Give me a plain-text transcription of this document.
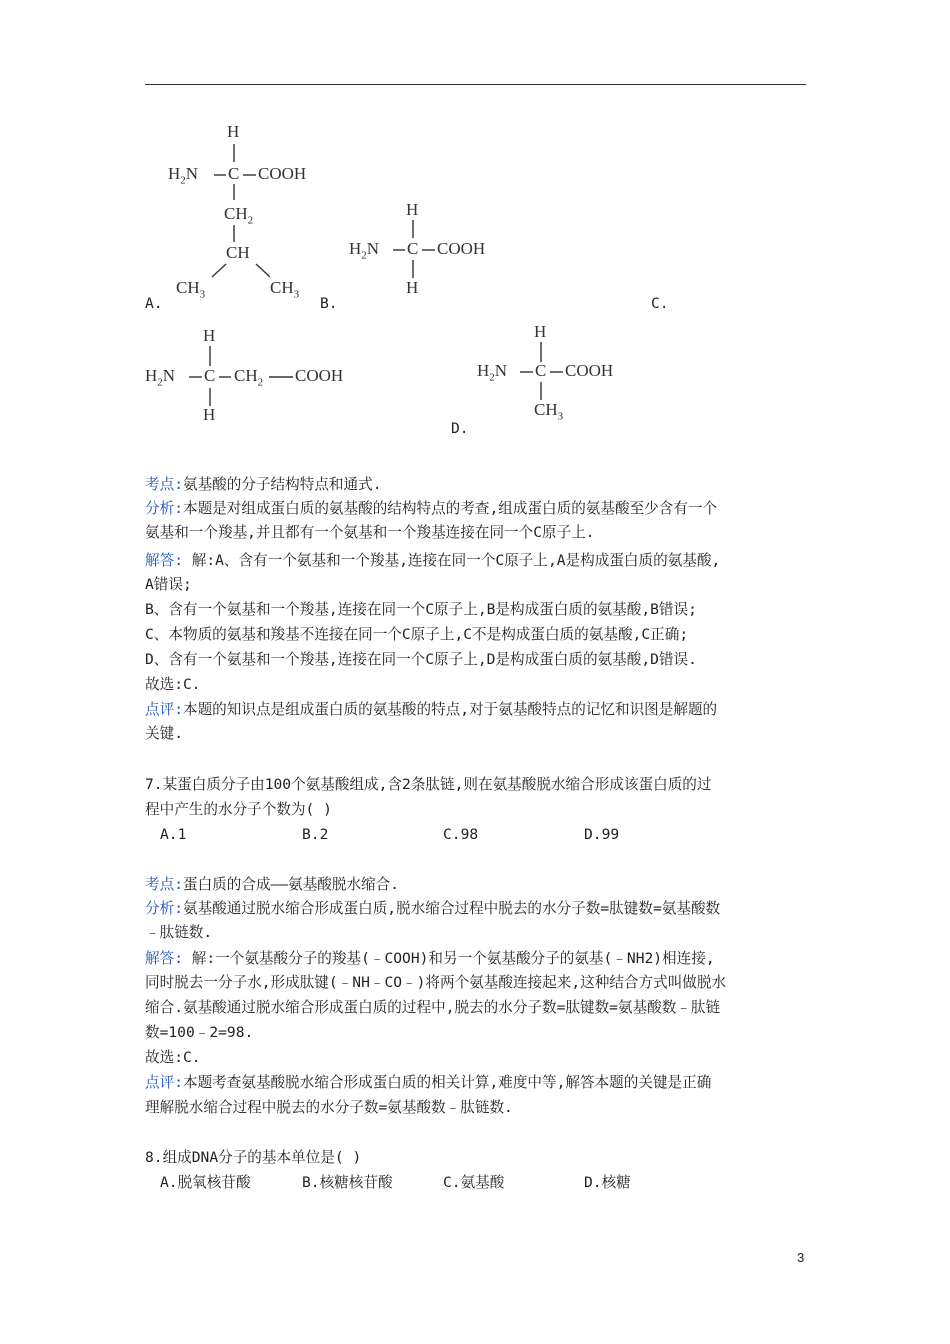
H
$H_2N$ C COOH
$CH_2$
CH
$CH_3$	$CH_3$
A.
H
$H_2N$ C COOH
H
B.	C.
H
$H_2N$ C $CH_2$ COOH
H
H
$H_2N$ C COOH
$CH_3$
D.
考点:氨基酸的分子结构特点和通式.
分析:本题是对组成蛋白质的氨基酸的结构特点的考查,组成蛋白质的氨基酸至少含有一个
氨基和一个羧基,并且都有一个氨基和一个羧基连接在同一个C原子上.
解答: 解:A、含有一个氨基和一个羧基,连接在同一个C原子上,A是构成蛋白质的氨基酸,
A错误;
B、含有一个氨基和一个羧基,连接在同一个C原子上,B是构成蛋白质的氨基酸,B错误;
C、本物质的氨基和羧基不连接在同一个C原子上,C不是构成蛋白质的氨基酸,C正确;
D、含有一个氨基和一个羧基,连接在同一个C原子上,D是构成蛋白质的氨基酸,D错误.
故选:C.
点评:本题的知识点是组成蛋白质的氨基酸的特点,对于氨基酸特点的记忆和识图是解题的
关键.
7.某蛋白质分子由100个氨基酸组成,含2条肽链,则在氨基酸脱水缩合形成该蛋白质的过
程中产生的水分子个数为( )
A.1	B.2	C.98	D.99
考点:蛋白质的合成——氨基酸脱水缩合.
分析:氨基酸通过脱水缩合形成蛋白质,脱水缩合过程中脱去的水分子数=肽键数=氨基酸数
﹣肽链数.
解答: 解:一个氨基酸分子的羧基(﹣COOH)和另一个氨基酸分子的氨基(﹣NH2)相连接,
同时脱去一分子水,形成肽键(﹣NH﹣CO﹣)将两个氨基酸连接起来,这种结合方式叫做脱水
缩合.氨基酸通过脱水缩合形成蛋白质的过程中,脱去的水分子数=肽键数=氨基酸数﹣肽链
数=100﹣2=98.
故选:C.
点评:本题考查氨基酸脱水缩合形成蛋白质的相关计算,难度中等,解答本题的关键是正确
理解脱水缩合过程中脱去的水分子数=氨基酸数﹣肽链数.
8.组成DNA分子的基本单位是( )
A.脱氧核苷酸	B.核糖核苷酸	C.氨基酸	D.核糖
3
